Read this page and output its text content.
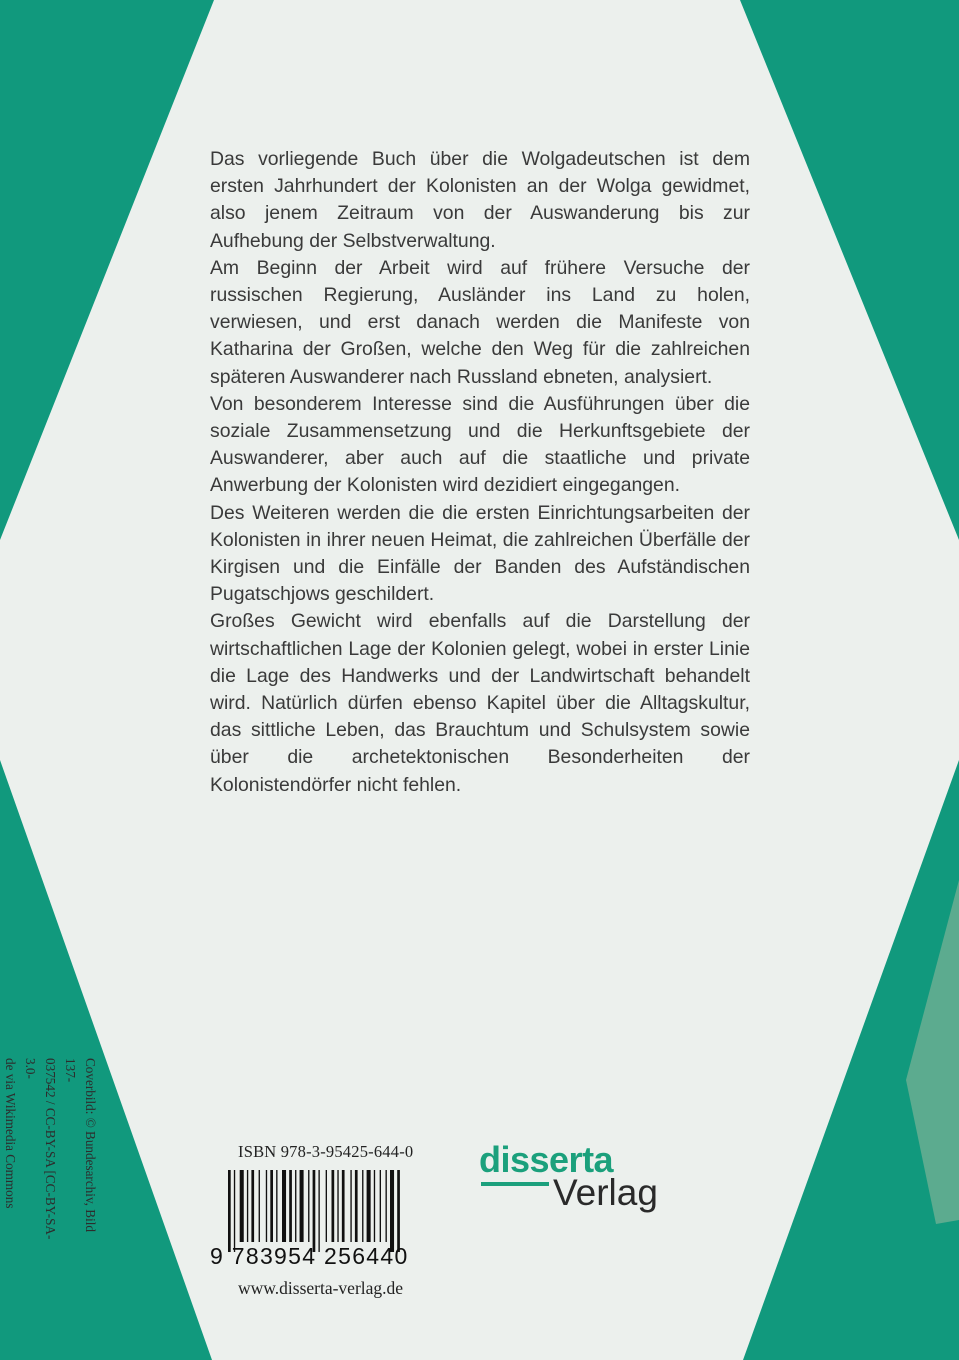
Das vorliegende Buch über die Wolgadeutschen ist dem ersten Jahrhundert der Kolonisten an der Wolga gewidmet, also jenem Zeitraum von der Auswanderung bis zur Aufhebung der Selbstverwaltung.

Am Beginn der Arbeit wird auf frühere Versuche der russischen Regierung, Ausländer ins Land zu holen, verwiesen, und erst danach werden die Manifeste von Katharina der Großen, welche den Weg für die zahlreichen späteren Auswanderer nach Russland ebneten, analysiert.

Von besonderem Interesse sind die Ausführungen über die soziale Zusammensetzung und die Herkunftsgebiete der Auswanderer, aber auch auf die staatliche und private Anwerbung der Kolonisten wird dezidiert eingegangen.

Des Weiteren werden die die ersten Einrichtungsarbeiten der Kolonisten in ihrer neuen Heimat, die zahlreichen Überfälle der Kirgisen und die Einfälle der Banden des Aufständischen Pugatschjows geschildert.

Großes Gewicht wird ebenfalls auf die Darstellung der wirtschaftlichen Lage der Kolonien gelegt, wobei in erster Linie die Lage des Handwerks und der Landwirtschaft behandelt wird. Natürlich dürfen ebenso Kapitel über die Alltagskultur, das sittliche Leben, das Brauchtum und Schulsystem sowie über die archetektonischen Besonderheiten der Kolonistendörfer nicht fehlen.

Coverbild: © Bundesarchiv, Bild 137-
037542 / CC-BY-SA [CC-BY-SA-3.0-
de via Wikimedia Commons	ISBN 978-3-95425-644-0
9 783954 256440
www.disserta-verlag.de
disserta
Verlag
